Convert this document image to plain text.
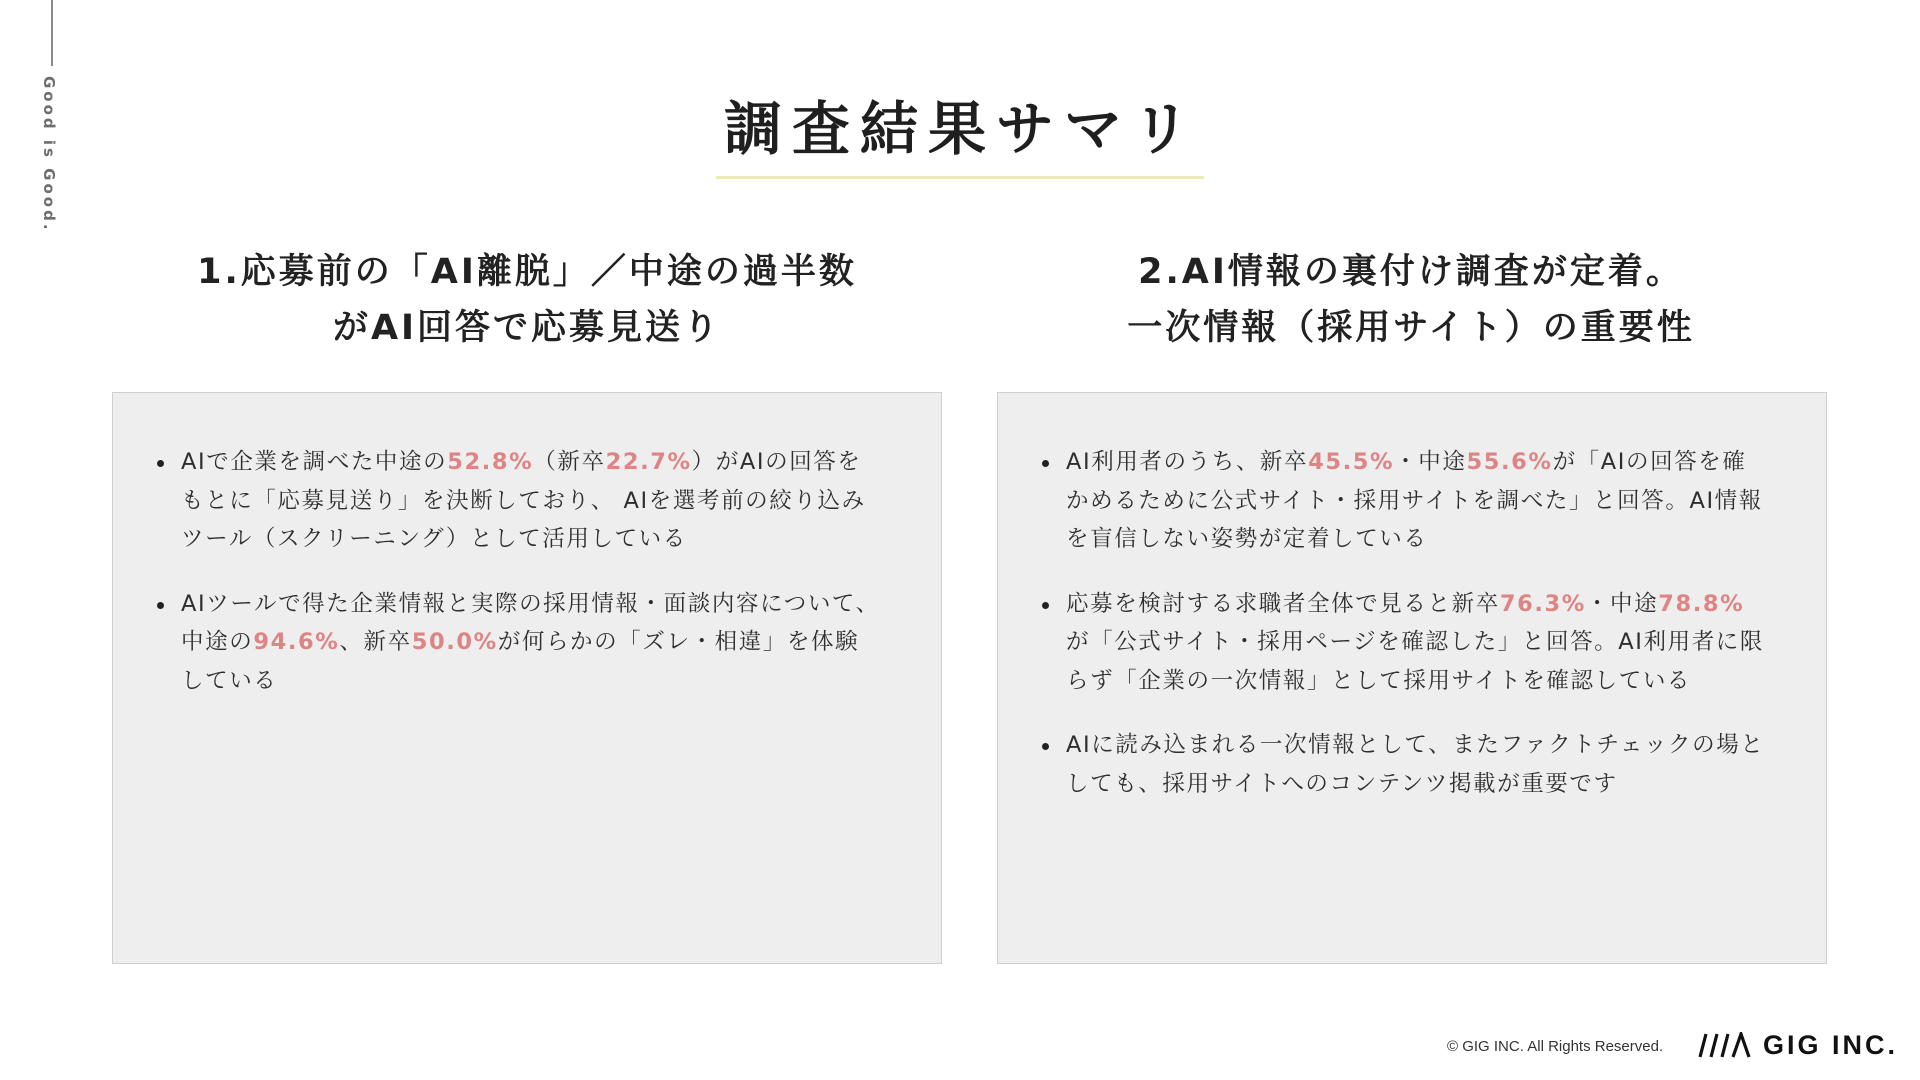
Good is Good.	調査結果サマリ
1.応募前の「AI離脱」／中途の過半数
がAI回答で応募見送り
2.AI情報の裏付け調査が定着。
一次情報（採用サイト）の重要性
AIで企業を調べた中途の52.8%（新卒22.7%）がAIの回答をもとに「応募見送り」を決断しており、 AIを選考前の絞り込みツール（スクリーニング）として活用している
AIツールで得た企業情報と実際の採用情報・面談内容について、中途の94.6%、新卒50.0%が何らかの「ズレ・相違」を体験している
AI利用者のうち、新卒45.5%・中途55.6%が「AIの回答を確かめるために公式サイト・採用サイトを調べた」と回答。AI情報を盲信しない姿勢が定着している
応募を検討する求職者全体で見ると新卒76.3%・中途78.8%が「公式サイト・採用ページを確認した」と回答。AI利用者に限らず「企業の一次情報」として採用サイトを確認している
AIに読み込まれる一次情報として、またファクトチェックの場としても、採用サイトへのコンテンツ掲載が重要です
© GIG INC. All Rights Reserved.	GIG INC.
